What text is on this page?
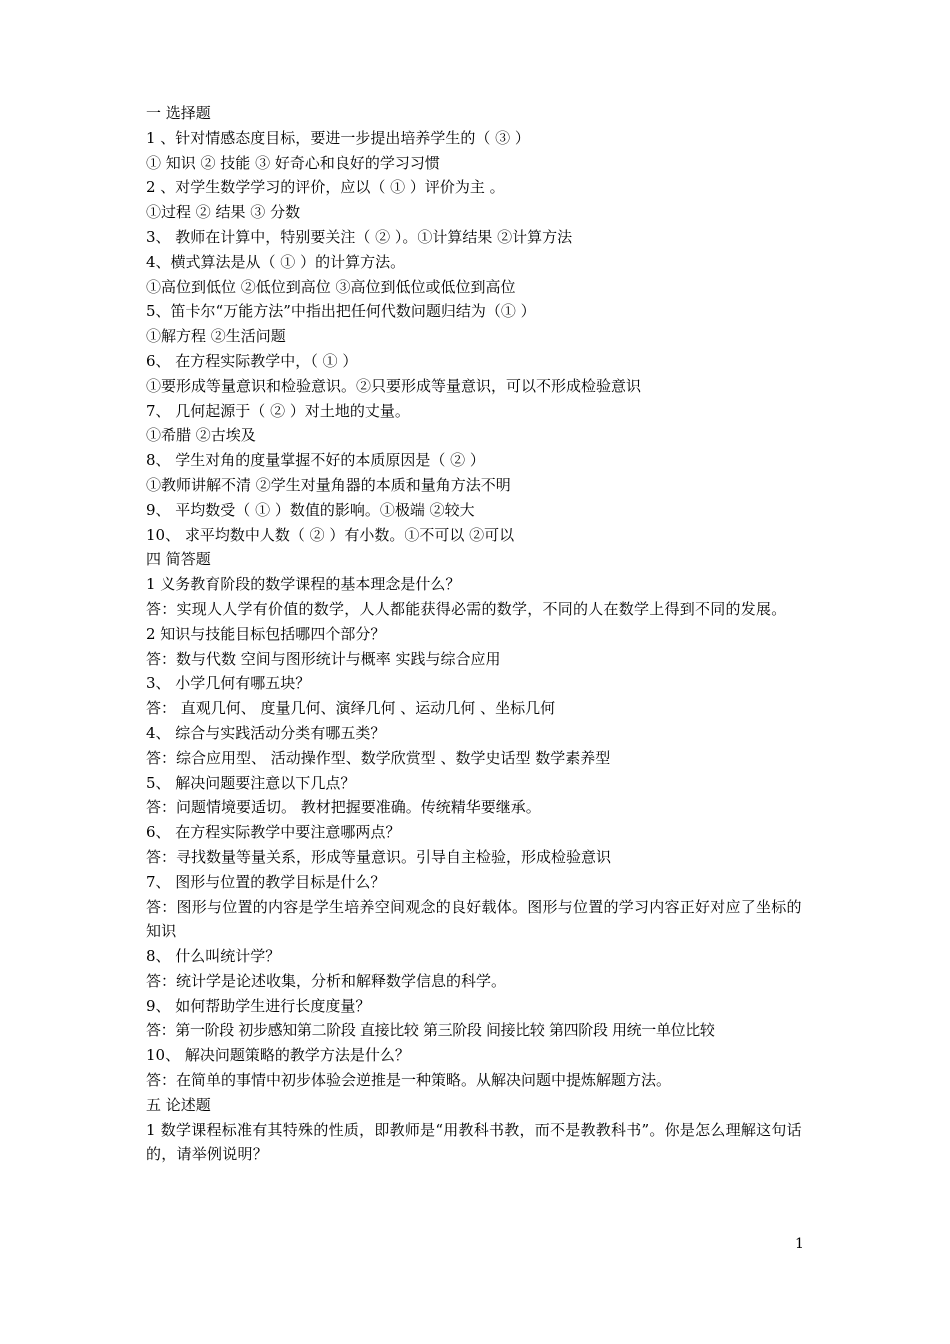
一 选择题
1 、针对情感态度目标，要进一步提出培养学生的（ ③ ）
① 知识 ② 技能 ③ 好奇心和良好的学习习惯
2 、对学生数学学习的评价，应以（ ① ）评价为主 。
①过程 ② 结果 ③ 分数
3、 教师在计算中，特别要关注（ ② ）。①计算结果 ②计算方法
4、横式算法是从（ ① ）的计算方法。
①高位到低位 ②低位到高位 ③高位到低位或低位到高位
5、笛卡尔“万能方法”中指出把任何代数问题归结为（① ）
①解方程 ②生活问题
6、 在方程实际教学中，（ ① ）
①要形成等量意识和检验意识。②只要形成等量意识，可以不形成检验意识
7、 几何起源于（ ② ）对土地的丈量。
①希腊 ②古埃及
8、 学生对角的度量掌握不好的本质原因是（ ② ）
①教师讲解不清 ②学生对量角器的本质和量角方法不明
9、 平均数受（ ① ）数值的影响。①极端 ②较大
10、 求平均数中人数（ ② ）有小数。①不可以 ②可以
四 简答题
1 义务教育阶段的数学课程的基本理念是什么？
答：实现人人学有价值的数学，人人都能获得必需的数学，不同的人在数学上得到不同的发展。
2 知识与技能目标包括哪四个部分？
答：数与代数 空间与图形统计与概率 实践与综合应用
3、 小学几何有哪五块？
答： 直观几何、 度量几何、演绎几何 、运动几何 、坐标几何
4、 综合与实践活动分类有哪五类？
答：综合应用型、 活动操作型、数学欣赏型 、数学史话型 数学素养型
5、 解决问题要注意以下几点？
答：问题情境要适切。 教材把握要准确。传统精华要继承。
6、 在方程实际教学中要注意哪两点？
答：寻找数量等量关系，形成等量意识。引导自主检验，形成检验意识
7、 图形与位置的教学目标是什么？
答：图形与位置的内容是学生培养空间观念的良好载体。图形与位置的学习内容正好对应了坐标的知识
8、 什么叫统计学？
答：统计学是论述收集，分析和解释数学信息的科学。
9、 如何帮助学生进行长度度量？
答：第一阶段 初步感知第二阶段 直接比较 第三阶段 间接比较 第四阶段 用统一单位比较
10、 解决问题策略的教学方法是什么？
答：在简单的事情中初步体验会逆推是一种策略。从解决问题中提炼解题方法。
五 论述题
1 数学课程标准有其特殊的性质，即教师是“用教科书教，而不是教教科书”。你是怎么理解这句话的，请举例说明？
1
